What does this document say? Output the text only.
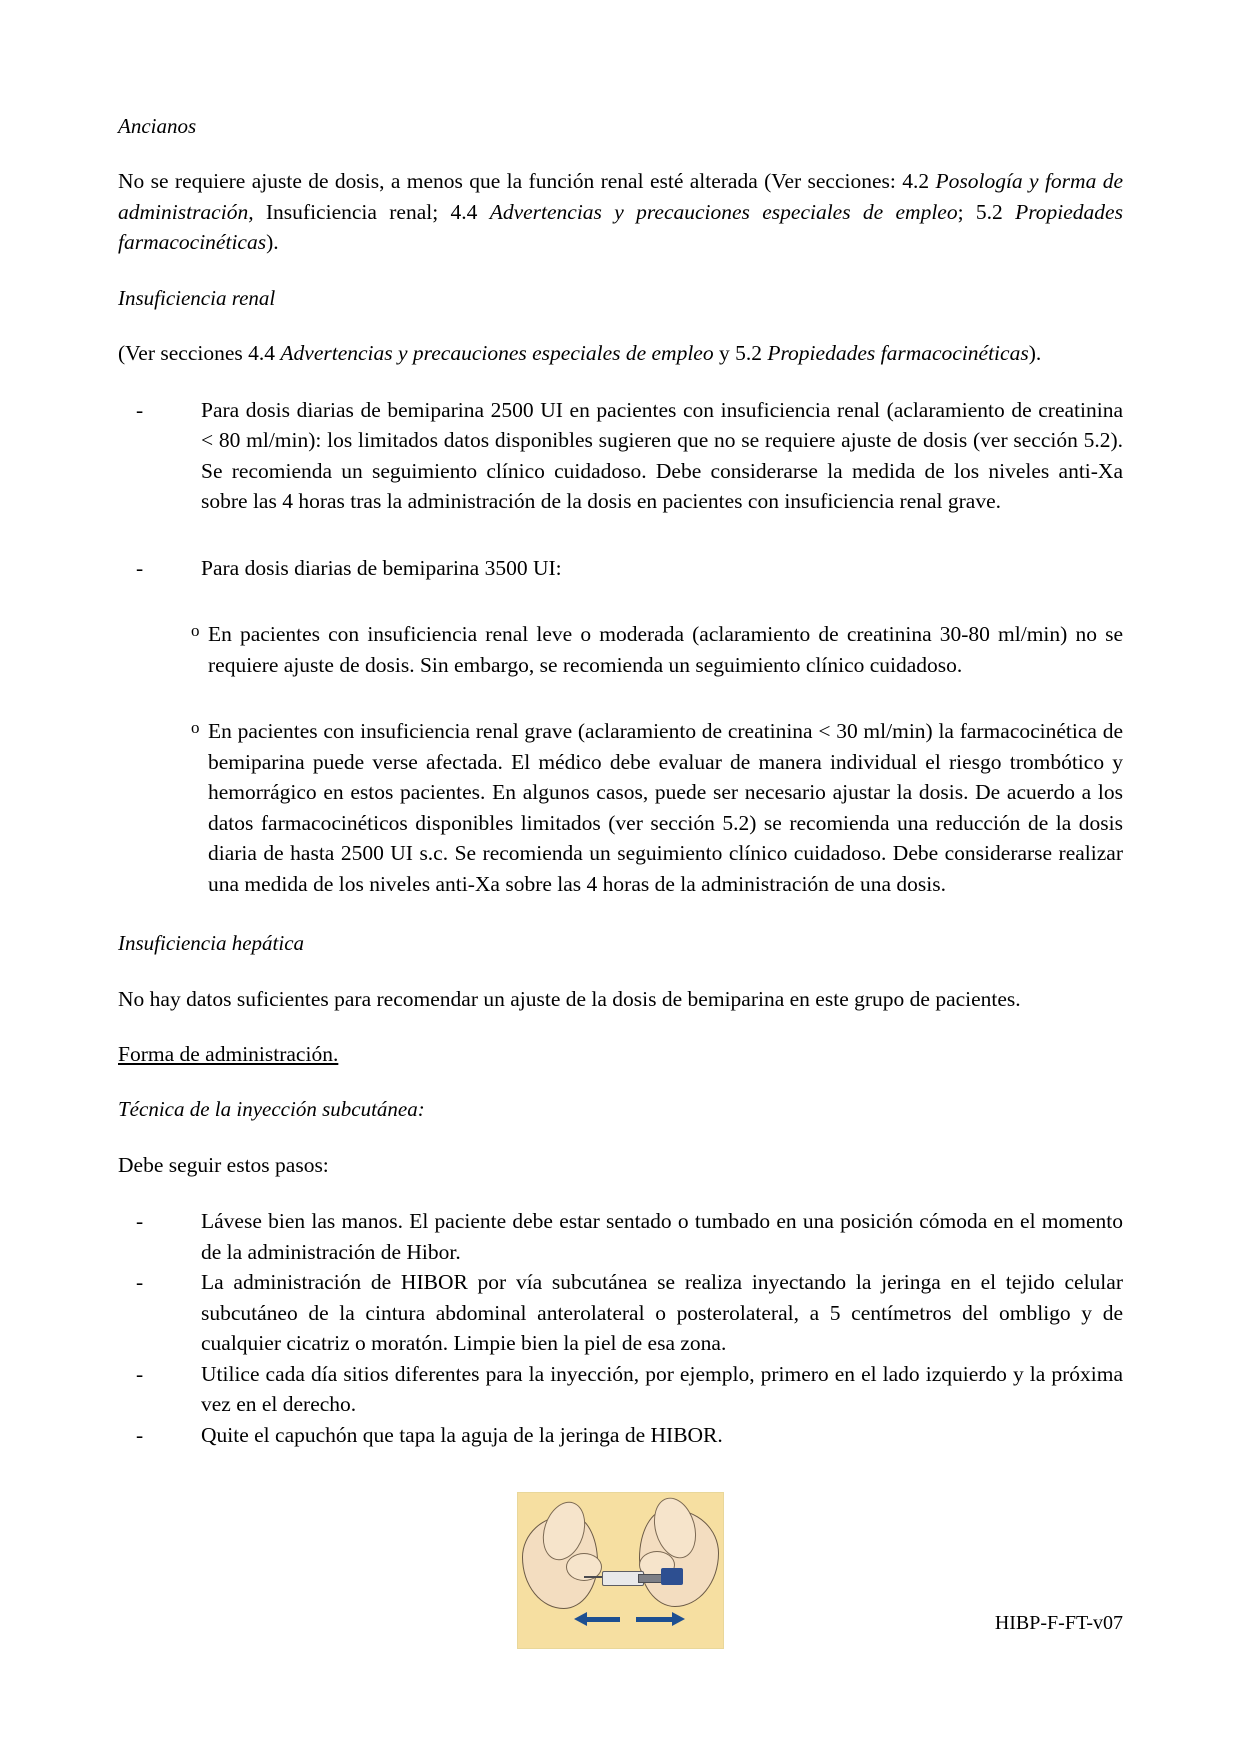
Ancianos

No se requiere ajuste de dosis, a menos que la función renal esté alterada (Ver secciones: 4.2 Posología y forma de administración, Insuficiencia renal; 4.4 Advertencias y precauciones especiales de empleo; 5.2 Propiedades farmacocinéticas).

Insuficiencia renal

(Ver secciones 4.4 Advertencias y precauciones especiales de empleo y 5.2 Propiedades farmacocinéticas).

- Para dosis diarias de bemiparina 2500 UI en pacientes con insuficiencia renal (aclaramiento de creatinina < 80 ml/min): los limitados datos disponibles sugieren que no se requiere ajuste de dosis (ver sección 5.2). Se recomienda un seguimiento clínico cuidadoso. Debe considerarse la medida de los niveles anti-Xa sobre las 4 horas tras la administración de la dosis en pacientes con insuficiencia renal grave.
- Para dosis diarias de bemiparina 3500 UI:
o En pacientes con insuficiencia renal leve o moderada (aclaramiento de creatinina 30-80 ml/min) no se requiere ajuste de dosis. Sin embargo, se recomienda un seguimiento clínico cuidadoso.
o En pacientes con insuficiencia renal grave (aclaramiento de creatinina < 30 ml/min) la farmacocinética de bemiparina puede verse afectada. El médico debe evaluar de manera individual el riesgo trombótico y hemorrágico en estos pacientes. En algunos casos, puede ser necesario ajustar la dosis. De acuerdo a los datos farmacocinéticos disponibles limitados (ver sección 5.2) se recomienda una reducción de la dosis diaria de hasta 2500 UI s.c. Se recomienda un seguimiento clínico cuidadoso. Debe considerarse realizar una medida de los niveles anti-Xa sobre las 4 horas de la administración de una dosis.

Insuficiencia hepática

No hay datos suficientes para recomendar un ajuste de la dosis de bemiparina en este grupo de pacientes.

Forma de administración.

Técnica de la inyección subcutánea:

Debe seguir estos pasos:

- Lávese bien las manos. El paciente debe estar sentado o tumbado en una posición cómoda en el momento de la administración de Hibor.
- La administración de HIBOR por vía subcutánea se realiza inyectando la jeringa en el tejido celular subcutáneo de la cintura abdominal anterolateral o posterolateral, a 5 centímetros del ombligo y de cualquier cicatriz o moratón. Limpie bien la piel de esa zona.
- Utilice cada día sitios diferentes para la inyección, por ejemplo, primero en el lado izquierdo y la próxima vez en el derecho.
- Quite el capuchón que tapa la aguja de la jeringa de HIBOR.
HIBP-F-FT-v07
